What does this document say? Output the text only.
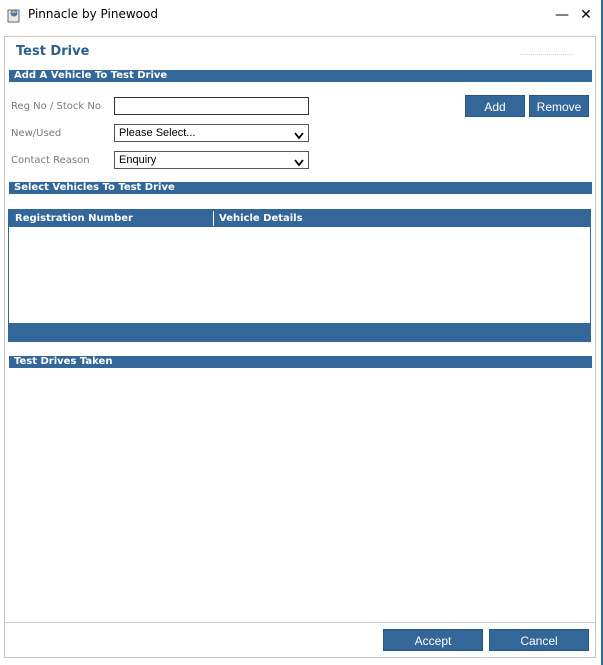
Pinnacle by Pinewood	— ✕
Test Drive
Add A Vehicle To Test Drive
Reg No / Stock No
New/Used	Please Select...
Contact Reason	Enquiry
Add	Remove
Select Vehicles To Test Drive
Registration Number	Vehicle Details
Test Drives Taken
Accept	Cancel
